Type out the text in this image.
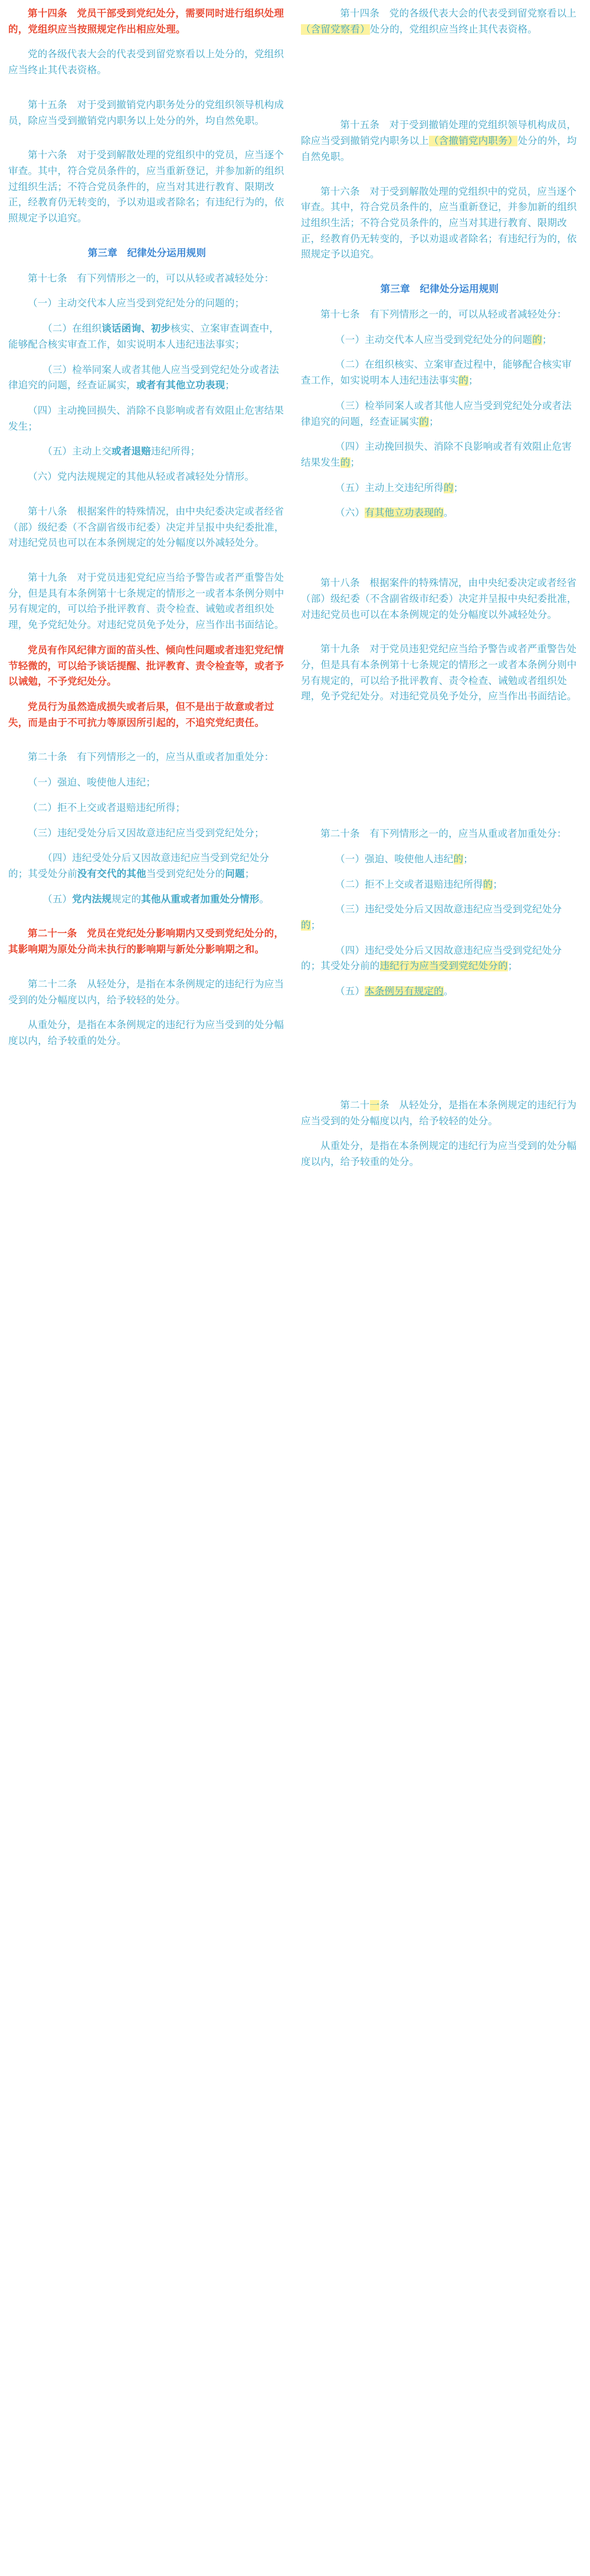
第十四条　党员干部受到党纪处分，需要同时进行组织处理的，党组织应当按照规定作出相应处理。

党的各级代表大会的代表受到留党察看以上处分的，党组织应当终止其代表资格。

第十五条　对于受到撤销党内职务处分的党组织领导机构成员，除应当受到撤销党内职务以上处分的外，均自然免职。

第十六条　对于受到解散处理的党组织中的党员，应当逐个审查。其中，符合党员条件的，应当重新登记，并参加新的组织过组织生活；不符合党员条件的，应当对其进行教育、限期改正，经教育仍无转变的，予以劝退或者除名；有违纪行为的，依照规定予以追究。

第三章　纪律处分运用规则

第十七条　有下列情形之一的，可以从轻或者减轻处分：

（一）主动交代本人应当受到党纪处分的问题的；

　　（二）在组织谈话函询、初步核实、立案审查调查中，能够配合核实审查工作，如实说明本人违纪违法事实；

　　（三）检举同案人或者其他人应当受到党纪处分或者法律追究的问题，经查证属实，或者有其他立功表现；

（四）主动挽回损失、消除不良影响或者有效阻止危害结果发生；

　　（五）主动上交或者退赔违纪所得；

（六）党内法规规定的其他从轻或者减轻处分情形。

第十八条　根据案件的特殊情况，由中央纪委决定或者经省（部）级纪委（不含副省级市纪委）决定并呈报中央纪委批准，对违纪党员也可以在本条例规定的处分幅度以外减轻处分。

第十九条　对于党员违犯党纪应当给予警告或者严重警告处分，但是具有本条例第十七条规定的情形之一或者本条例分则中另有规定的，可以给予批评教育、责令检查、诫勉或者组织处理，免予党纪处分。对违纪党员免予处分，应当作出书面结论。

党员有作风纪律方面的苗头性、倾向性问题或者违犯党纪情节轻微的，可以给予谈话提醒、批评教育、责令检查等，或者予以诫勉，不予党纪处分。

党员行为虽然造成损失或者后果，但不是出于故意或者过失，而是由于不可抗力等原因所引起的，不追究党纪责任。

第二十条　有下列情形之一的，应当从重或者加重处分：

（一）强迫、唆使他人违纪；

（二）拒不上交或者退赔违纪所得；

（三）违纪受处分后又因故意违纪应当受到党纪处分；

　　（四）违纪受处分后又因故意违纪应当受到党纪处分的；其受处分前没有交代的其他当受到党纪处分的问题；

　　（五）党内法规规定的其他从重或者加重处分情形。

第二十一条　党员在党纪处分影响期内又受到党纪处分的，其影响期为原处分尚未执行的影响期与新处分影响期之和。

第二十二条　从轻处分，是指在本条例规定的违纪行为应当受到的处分幅度以内，给予较轻的处分。

从重处分，是指在本条例规定的违纪行为应当受到的处分幅度以内，给予较重的处分。

　　第十四条　党的各级代表大会的代表受到留党察看以上（含留党察看）处分的，党组织应当终止其代表资格。

　　第十五条　对于受到撤销处理的党组织领导机构成员，除应当受到撤销党内职务以上（含撤销党内职务）处分的外，均自然免职。

第十六条　对于受到解散处理的党组织中的党员，应当逐个审查。其中，符合党员条件的，应当重新登记，并参加新的组织过组织生活；不符合党员条件的，应当对其进行教育、限期改正，经教育仍无转变的，予以劝退或者除名；有违纪行为的，依照规定予以追究。

第三章　纪律处分运用规则

第十七条　有下列情形之一的，可以从轻或者减轻处分：

　　（一）主动交代本人应当受到党纪处分的问题的；

　　（二）在组织核实、立案审查过程中，能够配合核实审查工作，如实说明本人违纪违法事实的；

　　（三）检举同案人或者其他人应当受到党纪处分或者法律追究的问题，经查证属实的；

　　（四）主动挽回损失、消除不良影响或者有效阻止危害结果发生的；

　　（五）主动上交违纪所得的；

　　（六）有其他立功表现的。

第十八条　根据案件的特殊情况，由中央纪委决定或者经省（部）级纪委（不含副省级市纪委）决定并呈报中央纪委批准，对违纪党员也可以在本条例规定的处分幅度以外减轻处分。

第十九条　对于党员违犯党纪应当给予警告或者严重警告处分，但是具有本条例第十七条规定的情形之一或者本条例分则中另有规定的，可以给予批评教育、责令检查、诫勉或者组织处理，免予党纪处分。对违纪党员免予处分，应当作出书面结论。

第二十条　有下列情形之一的，应当从重或者加重处分：

　　（一）强迫、唆使他人违纪的；

　　（二）拒不上交或者退赔违纪所得的；

　　（三）违纪受处分后又因故意违纪应当受到党纪处分的；

　　（四）违纪受处分后又因故意违纪应当受到党纪处分的；其受处分前的违纪行为应当受到党纪处分的；

　　（五）本条例另有规定的。

　　第二十一条　从轻处分，是指在本条例规定的违纪行为应当受到的处分幅度以内，给予较轻的处分。

从重处分，是指在本条例规定的违纪行为应当受到的处分幅度以内，给予较重的处分。
